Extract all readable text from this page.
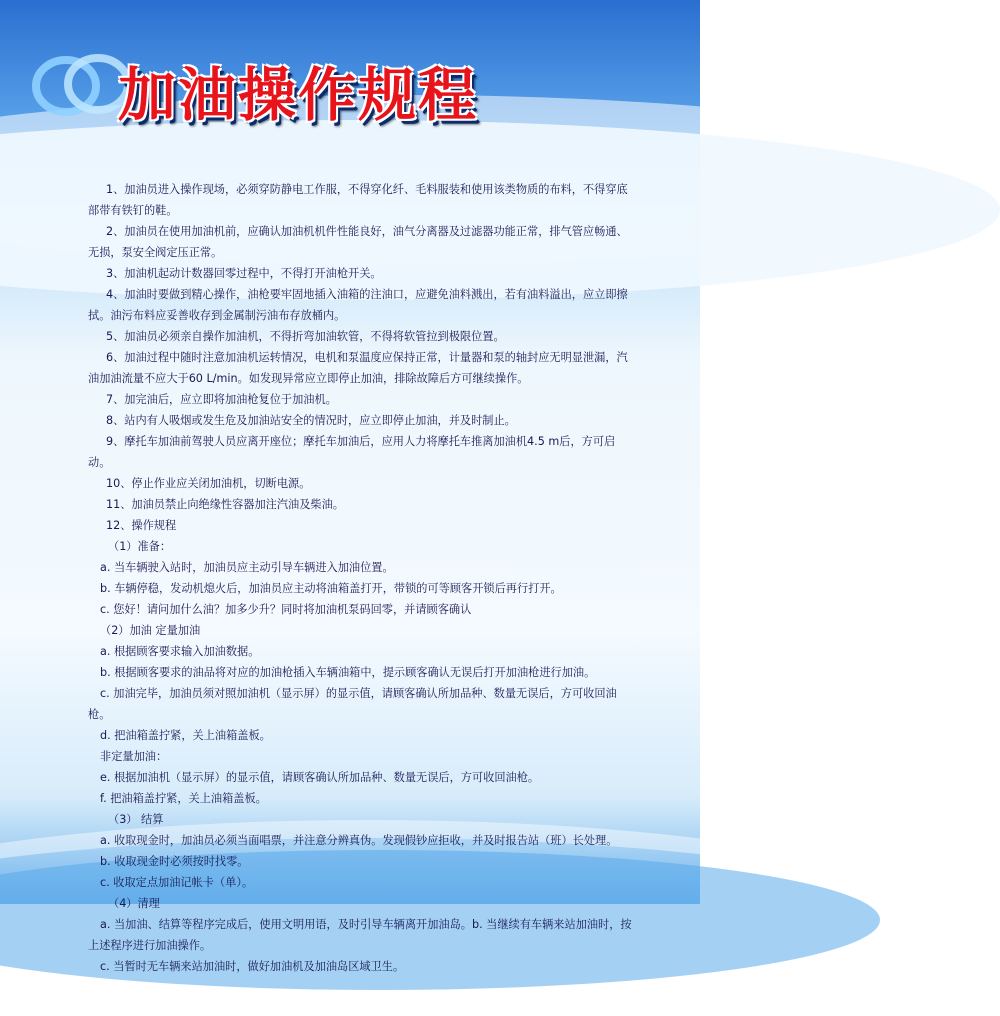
加油操作规程

1、加油员进入操作现场，必须穿防静电工作服，不得穿化纤、毛料服装和使用该类物质的布料，不得穿底部带有铁钉的鞋。

2、加油员在使用加油机前，应确认加油机机件性能良好，油气分离器及过滤器功能正常，排气管应畅通、无损，泵安全阀定压正常。

3、加油机起动计数器回零过程中，不得打开油枪开关。

4、加油时要做到精心操作，油枪要牢固地插入油箱的注油口，应避免油料溅出，若有油料溢出，应立即擦拭。油污布料应妥善收存到金属制污油布存放桶内。

5、加油员必须亲自操作加油机，不得折弯加油软管，不得将软管拉到极限位置。

6、加油过程中随时注意加油机运转情况，电机和泵温度应保持正常，计量器和泵的轴封应无明显泄漏，汽油加油流量不应大于60 L/min。如发现异常应立即停止加油，排除故障后方可继续操作。

7、加完油后，应立即将加油枪复位于加油机。

8、站内有人吸烟或发生危及加油站安全的情况时，应立即停止加油，并及时制止。

9、摩托车加油前驾驶人员应离开座位；摩托车加油后，应用人力将摩托车推离加油机4.5 m后，方可启动。

10、停止作业应关闭加油机，切断电源。

11、加油员禁止向绝缘性容器加注汽油及柴油。

12、操作规程

（1）准备：

a. 当车辆驶入站时，加油员应主动引导车辆进入加油位置。

b. 车辆停稳，发动机熄火后，加油员应主动将油箱盖打开，带锁的可等顾客开锁后再行打开。

c. 您好！请问加什么油？加多少升？同时将加油机泵码回零，并请顾客确认

（2）加油 定量加油

a. 根据顾客要求输入加油数据。

b. 根据顾客要求的油品将对应的加油枪插入车辆油箱中，提示顾客确认无误后打开加油枪进行加油。

c. 加油完毕，加油员须对照加油机（显示屏）的显示值，请顾客确认所加品种、数量无误后，方可收回油枪。

d. 把油箱盖拧紧，关上油箱盖板。

非定量加油：

e. 根据加油机（显示屏）的显示值，请顾客确认所加品种、数量无误后，方可收回油枪。

f. 把油箱盖拧紧，关上油箱盖板。

（3） 结算

a. 收取现金时，加油员必须当面唱票，并注意分辨真伪。发现假钞应拒收，并及时报告站（班）长处理。

b. 收取现金时必须按时找零。

c. 收取定点加油记帐卡（单）。

（4）清理

a. 当加油、结算等程序完成后，使用文明用语，及时引导车辆离开加油岛。b. 当继续有车辆来站加油时，按上述程序进行加油操作。

c. 当暂时无车辆来站加油时，做好加油机及加油岛区域卫生。
